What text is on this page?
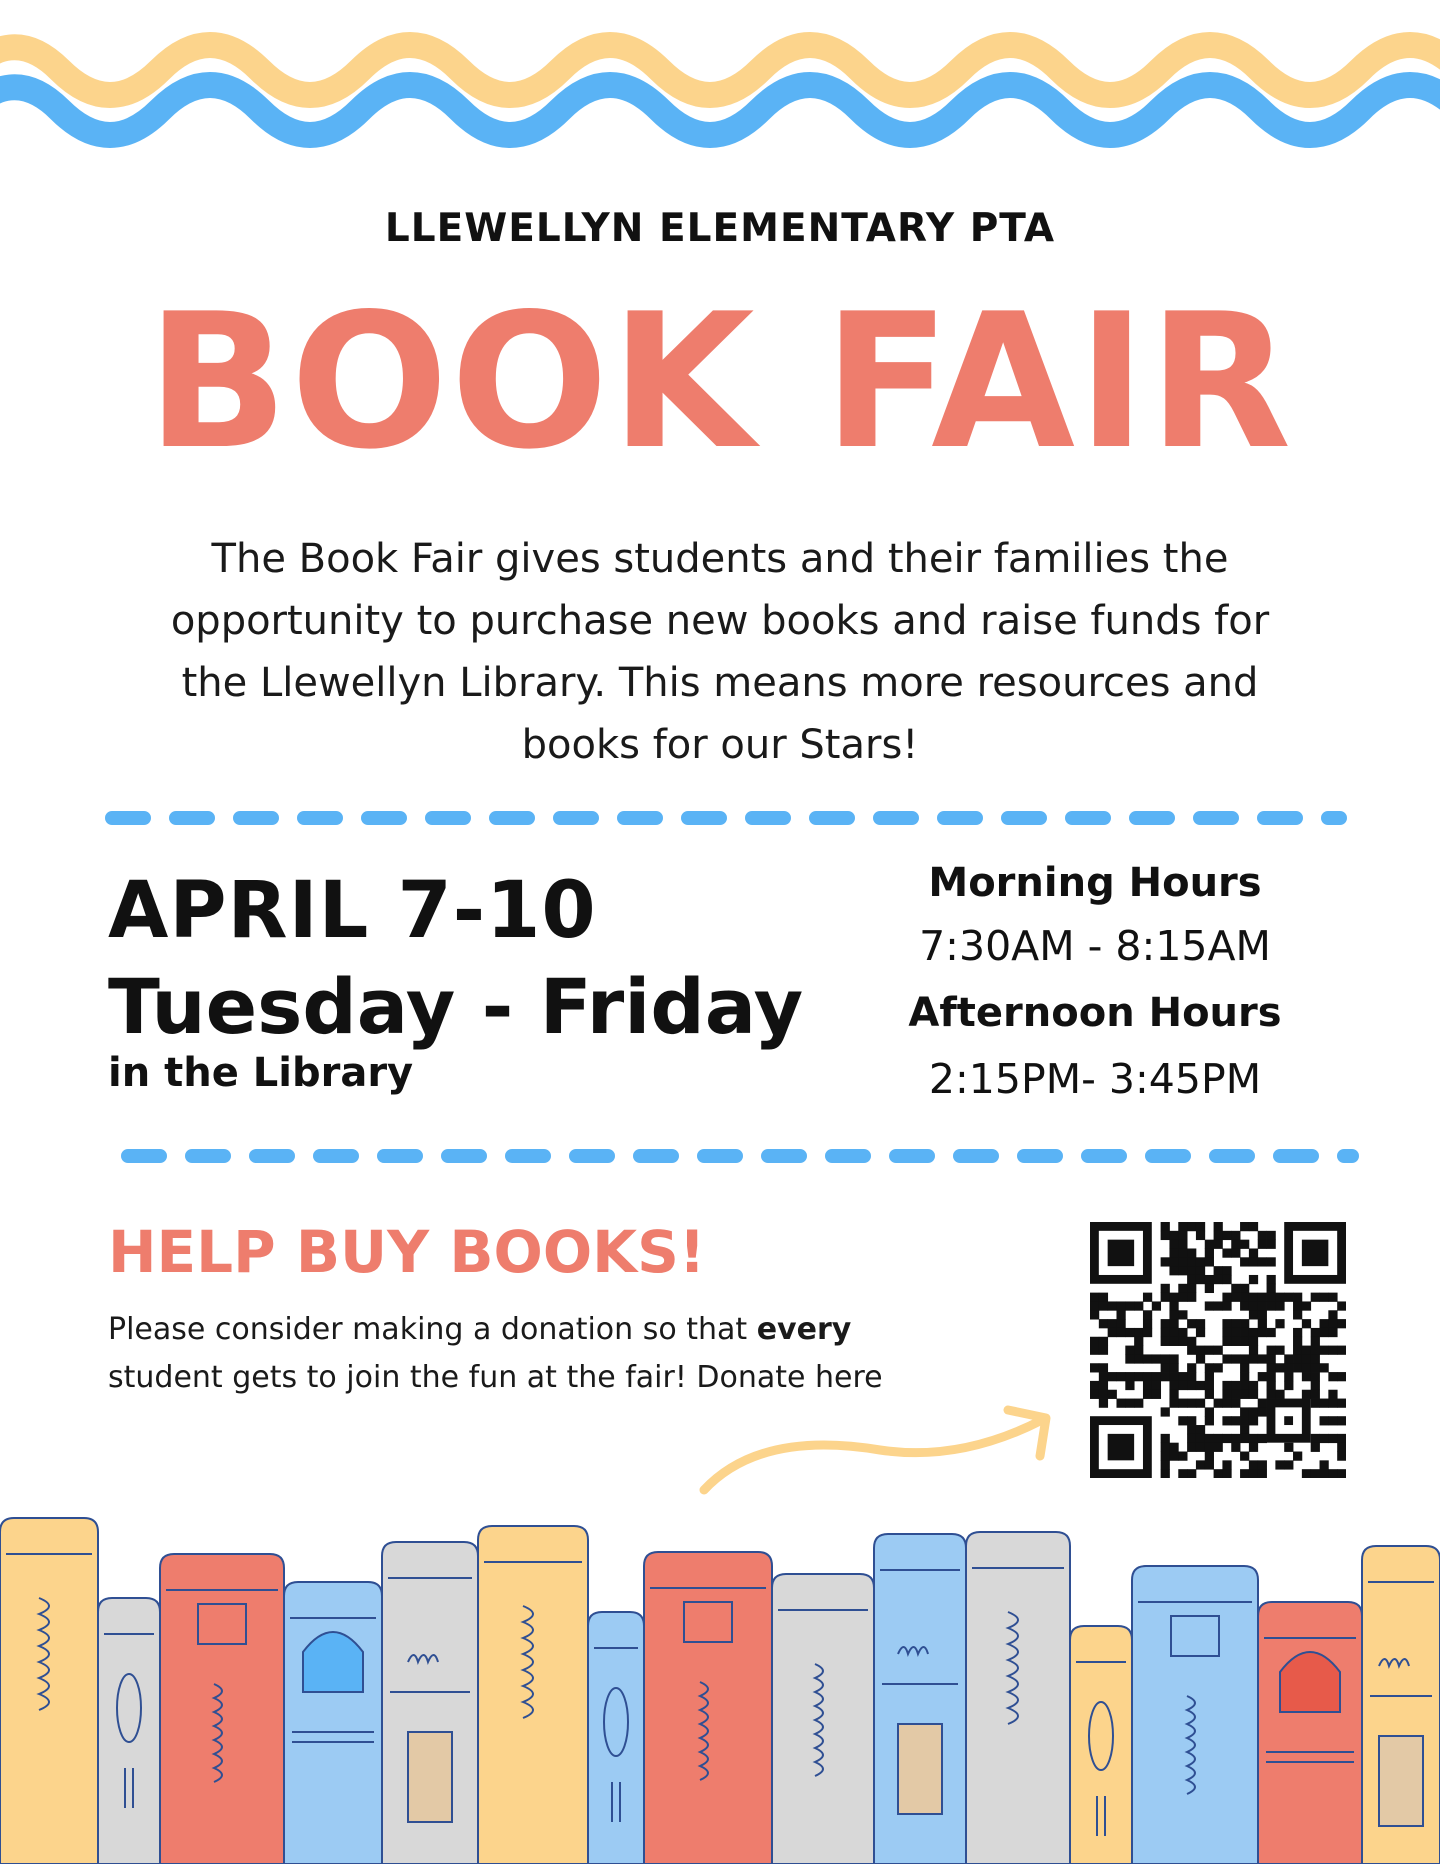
LLEWELLYN ELEMENTARY PTA
BOOK FAIR
The Book Fair gives students and their families the
opportunity to purchase new books and raise funds for
the Llewellyn Library. This means more resources and
books for our Stars!
APRIL 7-10
Tuesday - Friday
in the Library
Morning Hours
7:30AM - 8:15AM
Afternoon Hours
2:15PM- 3:45PM
HELP BUY BOOKS!
Please consider making a donation so that every
student gets to join the fun at the fair! Donate here
